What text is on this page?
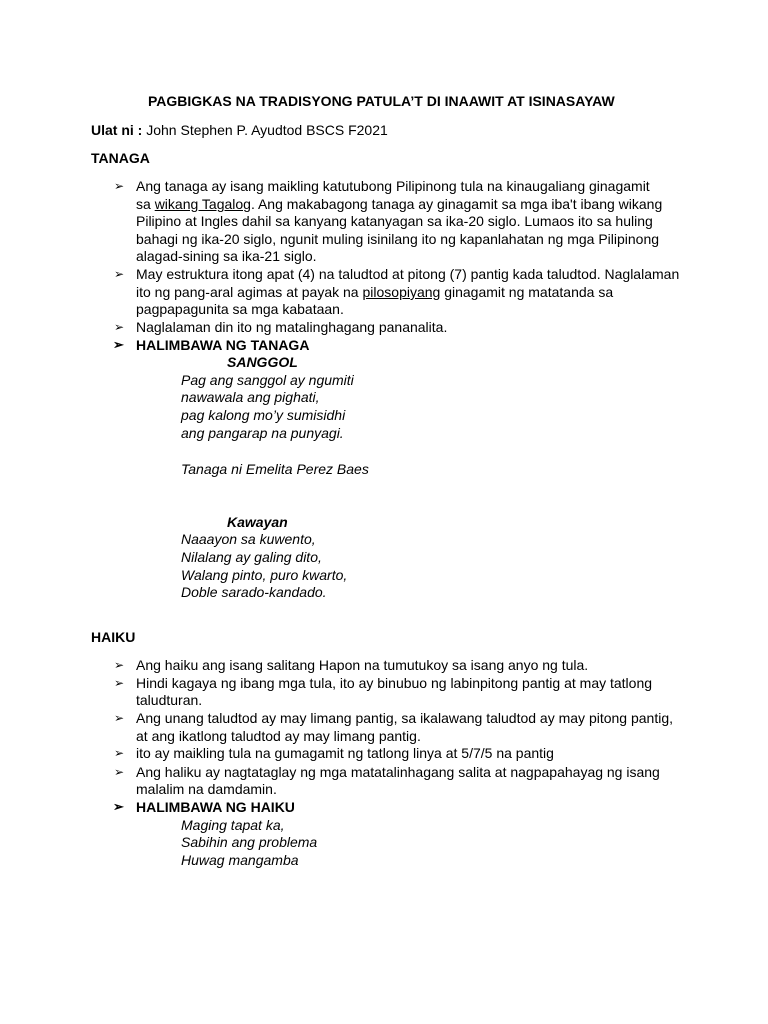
PAGBIGKAS NA TRADISYONG PATULA’T DI INAAWIT AT ISINASAYAW
Ulat ni : John Stephen P. Ayudtod BSCS F2021
TANAGA
➢ Ang tanaga ay isang maikling katutubong Pilipinong tula na kinaugaliang ginagamit
sa wikang Tagalog. Ang makabagong tanaga ay ginagamit sa mga iba't ibang wikang
Pilipino at Ingles dahil sa kanyang katanyagan sa ika-20 siglo. Lumaos ito sa huling
bahagi ng ika-20 siglo, ngunit muling isinilang ito ng kapanlahatan ng mga Pilipinong
alagad-sining sa ika-21 siglo.
➢ May estruktura itong apat (4) na taludtod at pitong (7) pantig kada taludtod. Naglalaman
ito ng pang-aral agimas at payak na pilosopiyang ginagamit ng matatanda sa
pagpapagunita sa mga kabataan.
➢ Naglalaman din ito ng matalinghagang pananalita.
➢ HALIMBAWA NG TANAGA
SANGGOL
Pag ang sanggol ay ngumiti
nawawala ang pighati,
pag kalong mo’y sumisidhi
ang pangarap na punyagi.
Tanaga ni Emelita Perez Baes
Kawayan
Naaayon sa kuwento,
Nilalang ay galing dito,
Walang pinto, puro kwarto,
Doble sarado-kandado.
HAIKU
➢ Ang haiku ang isang salitang Hapon na tumutukoy sa isang anyo ng tula.
➢ Hindi kagaya ng ibang mga tula, ito ay binubuo ng labinpitong pantig at may tatlong
taludturan.
➢ Ang unang taludtod ay may limang pantig, sa ikalawang taludtod ay may pitong pantig,
at ang ikatlong taludtod ay may limang pantig.
➢ ito ay maikling tula na gumagamit ng tatlong linya at 5/7/5 na pantig
➢ Ang haliku ay nagtataglay ng mga matatalinhagang salita at nagpapahayag ng isang
malalim na damdamin.
➢ HALIMBAWA NG HAIKU
Maging tapat ka,
Sabihin ang problema
Huwag mangamba
